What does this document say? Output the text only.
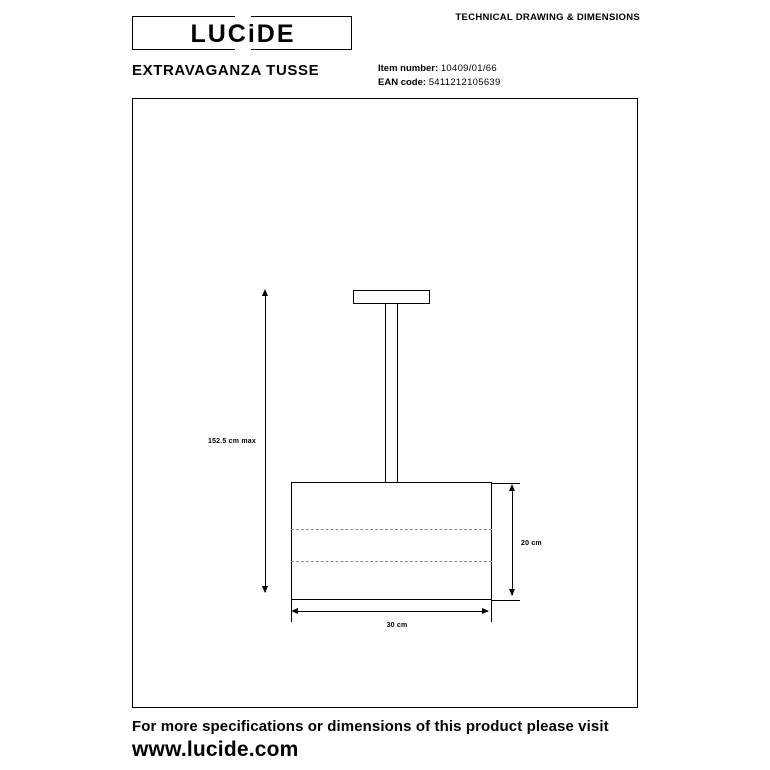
LUCiDE
TECHNICAL DRAWING & DIMENSIONS
EXTRAVAGANZA TUSSE	Item number: 10409/01/66
EAN code: 5411212105639
152.5 cm max
20 cm
30 cm
For more specifications or dimensions of this product please visit
www.lucide.com
